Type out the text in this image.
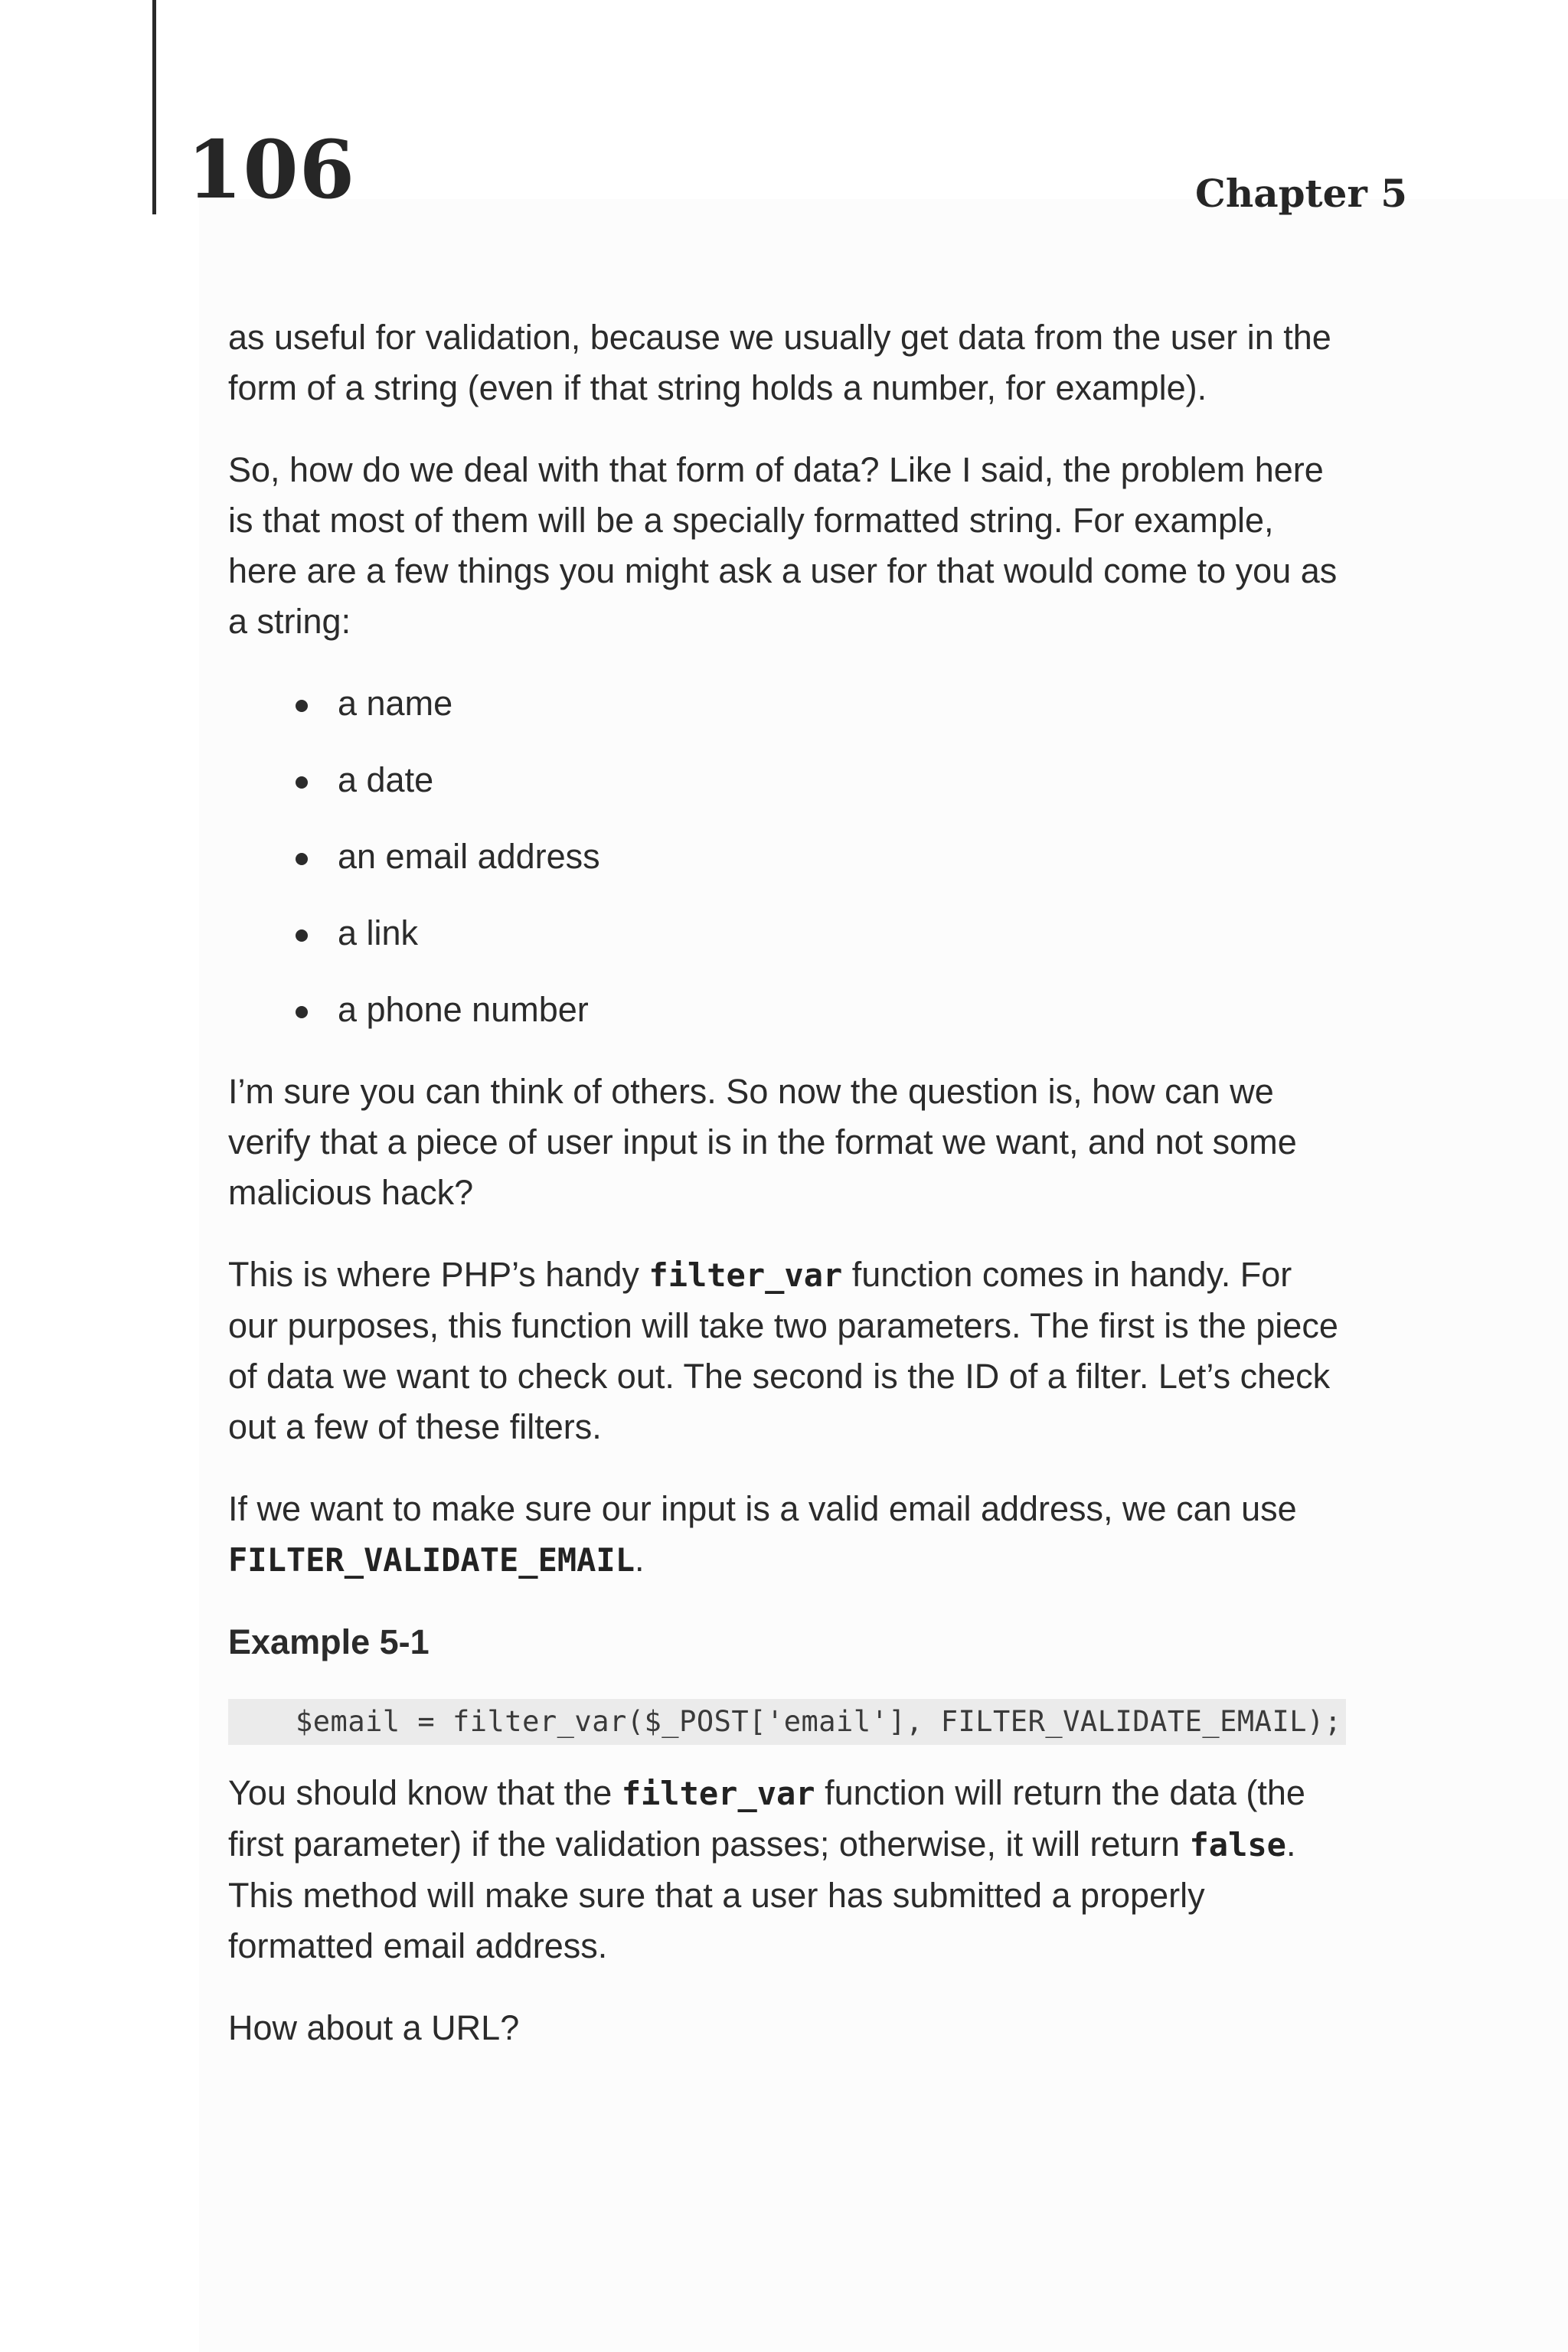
106	Chapter 5

as useful for validation, because we usually get data from the user in the form of a string (even if that string holds a number, for example).

So, how do we deal with that form of data? Like I said, the problem here is that most of them will be a specially formatted string. For example, here are a few things you might ask a user for that would come to you as a string:

a name
a date
an email address
a link
a phone number

I’m sure you can think of others. So now the question is, how can we verify that a piece of user input is in the format we want, and not some malicious hack?

This is where PHP’s handy filter_var function comes in handy. For our purposes, this function will take two parameters. The first is the piece of data we want to check out. The second is the ID of a filter. Let’s check out a few of these filters.

If we want to make sure our input is a valid email address, we can use FILTER_VALIDATE_EMAIL.

Example 5-1

$email = filter_var($_POST['email'], FILTER_VALIDATE_EMAIL);

You should know that the filter_var function will return the data (the first parameter) if the validation passes; otherwise, it will return false. This method will make sure that a user has submitted a properly formatted email address.

How about a URL?
